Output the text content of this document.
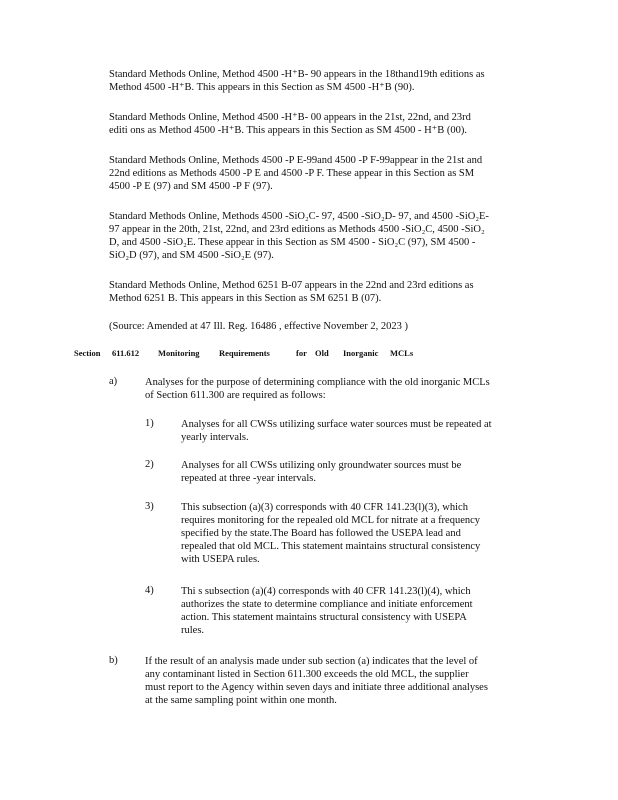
Standard Methods Online, Method 4500 -H⁺B- 90 appears in the 18thand19th editions as
Method 4500 -H⁺B. This appears in this Section as SM 4500 -H⁺B (90).

Standard Methods Online, Method 4500 -H⁺B- 00 appears in the 21st, 22nd, and 23rd
editi ons as Method 4500 -H⁺B. This appears in this Section as SM 4500 - H⁺B (00).

Standard Methods Online, Methods 4500 -P E-99and 4500 -P F-99appear in the 21st and
22nd editions as Methods 4500 -P E and 4500 -P F. These appear in this Section as SM
4500 -P E (97) and SM 4500 -P F (97).

Standard Methods Online, Methods 4500 -SiO₂C- 97, 4500 -SiO₂D- 97, and 4500 -SiO₂E-
97 appear in the 20th, 21st, 22nd, and 23rd editions as Methods 4500 -SiO₂C, 4500 -SiO₂
D, and 4500 -SiO₂E. These appear in this Section as SM 4500 - SiO₂C (97), SM 4500 -
SiO₂D (97), and SM 4500 -SiO₂E (97).

Standard Methods Online, Method 6251 B-07 appears in the 22nd and 23rd editions as
Method 6251 B. This appears in this Section as SM 6251 B (07).

(Source: Amended at 47 Ill. Reg. 16486 , effective November 2, 2023 )

Section 611.612 Monitoring Requirements	for Old Inorganic MCLs
a)	Analyses for the purpose of determining compliance with the old inorganic MCLs
of Section 611.300 are required as follows:

1)	Analyses for all CWSs utilizing surface water sources must be repeated at
yearly intervals.

2)	Analyses for all CWSs utilizing only groundwater sources must be
repeated at three -year intervals.

3)	This subsection (a)(3) corresponds with 40 CFR 141.23(l)(3), which
requires monitoring for the repealed old MCL for nitrate at a frequency
specified by the state.The Board has followed the USEPA lead and
repealed that old MCL. This statement maintains structural consistency
with USEPA rules.

4)	Thi s subsection (a)(4) corresponds with 40 CFR 141.23(l)(4), which
authorizes the state to determine compliance and initiate enforcement
action. This statement maintains structural consistency with USEPA
rules.

b)	If the result of an analysis made under sub section (a) indicates that the level of
any contaminant listed in Section 611.300 exceeds the old MCL, the supplier
must report to the Agency within seven days and initiate three additional analyses
at the same sampling point within one month.
